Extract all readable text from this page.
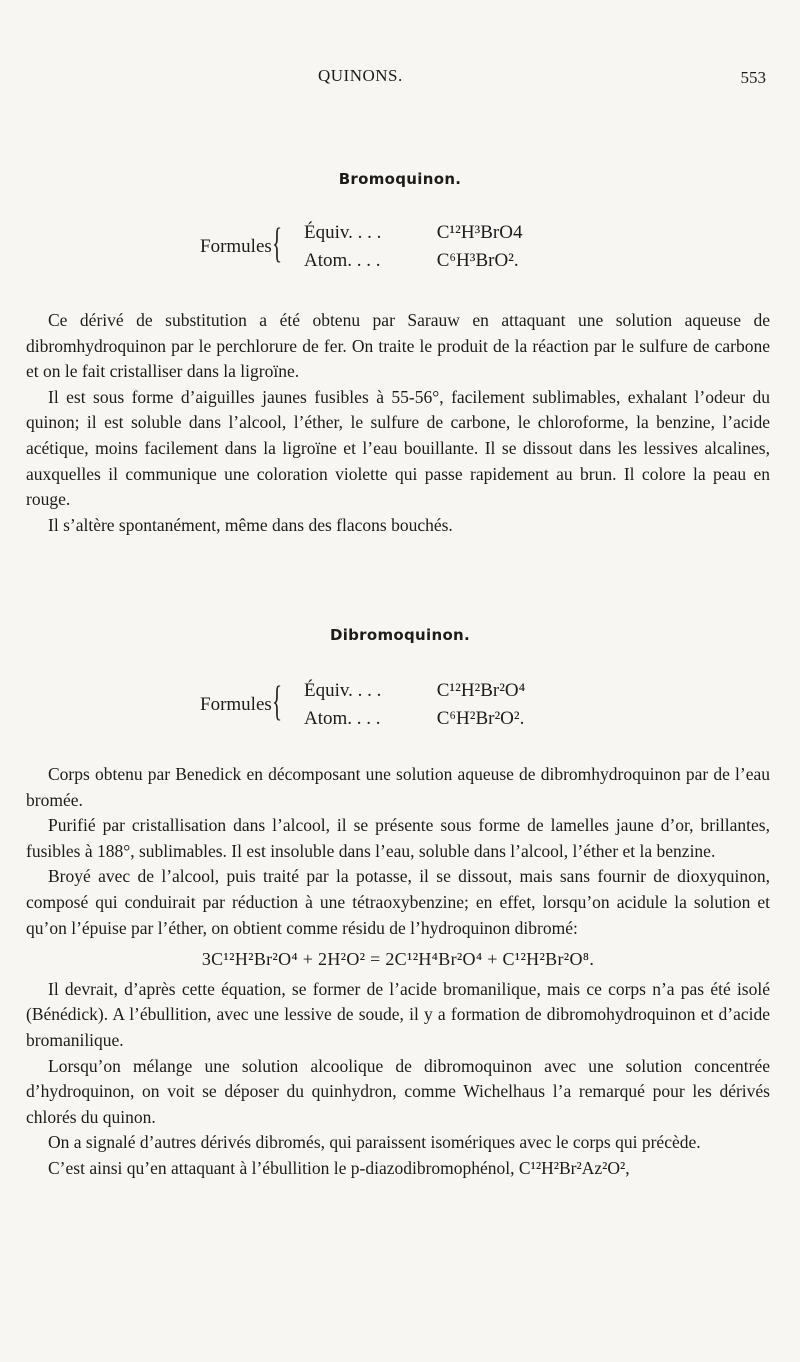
QUINONS.	553
Bromoquinon.
Formules { Équiv. . . .	C¹²H³BrO4
Atom. . . .	C⁶H³BrO².

Ce dérivé de substitution a été obtenu par Sarauw en attaquant une solution aqueuse de dibromhydroquinon par le perchlorure de fer. On traite le produit de la réaction par le sulfure de carbone et on le fait cristalliser dans la ligroïne.

Il est sous forme d’aiguilles jaunes fusibles à 55-56°, facilement sublimables, exhalant l’odeur du quinon; il est soluble dans l’alcool, l’éther, le sulfure de carbone, le chloroforme, la benzine, l’acide acétique, moins facilement dans la ligroïne et l’eau bouillante. Il se dissout dans les lessives alcalines, auxquelles il communique une coloration violette qui passe rapidement au brun. Il colore la peau en rouge.

Il s’altère spontanément, même dans des flacons bouchés.

Dibromoquinon.
Formules { Équiv. . . .	C¹²H²Br²O⁴
Atom. . . .	C⁶H²Br²O².

Corps obtenu par Benedick en décomposant une solution aqueuse de dibromhydroquinon par de l’eau bromée.

Purifié par cristallisation dans l’alcool, il se présente sous forme de lamelles jaune d’or, brillantes, fusibles à 188°, sublimables. Il est insoluble dans l’eau, soluble dans l’alcool, l’éther et la benzine.

Broyé avec de l’alcool, puis traité par la potasse, il se dissout, mais sans fournir de dioxyquinon, composé qui conduirait par réduction à une tétraoxybenzine; en effet, lorsqu’on acidule la solution et qu’on l’épuise par l’éther, on obtient comme résidu de l’hydroquinon dibromé:

3C¹²H²Br²O⁴ + 2H²O² = 2C¹²H⁴Br²O⁴ + C¹²H²Br²O⁸.

Il devrait, d’après cette équation, se former de l’acide bromanilique, mais ce corps n’a pas été isolé (Bénédick). A l’ébullition, avec une lessive de soude, il y a formation de dibromohydroquinon et d’acide bromanilique.

Lorsqu’on mélange une solution alcoolique de dibromoquinon avec une solution concentrée d’hydroquinon, on voit se déposer du quinhydron, comme Wichelhaus l’a remarqué pour les dérivés chlorés du quinon.

On a signalé d’autres dérivés dibromés, qui paraissent isomériques avec le corps qui précède.

C’est ainsi qu’en attaquant à l’ébullition le p-diazodibromophénol, C¹²H²Br²Az²O²,
